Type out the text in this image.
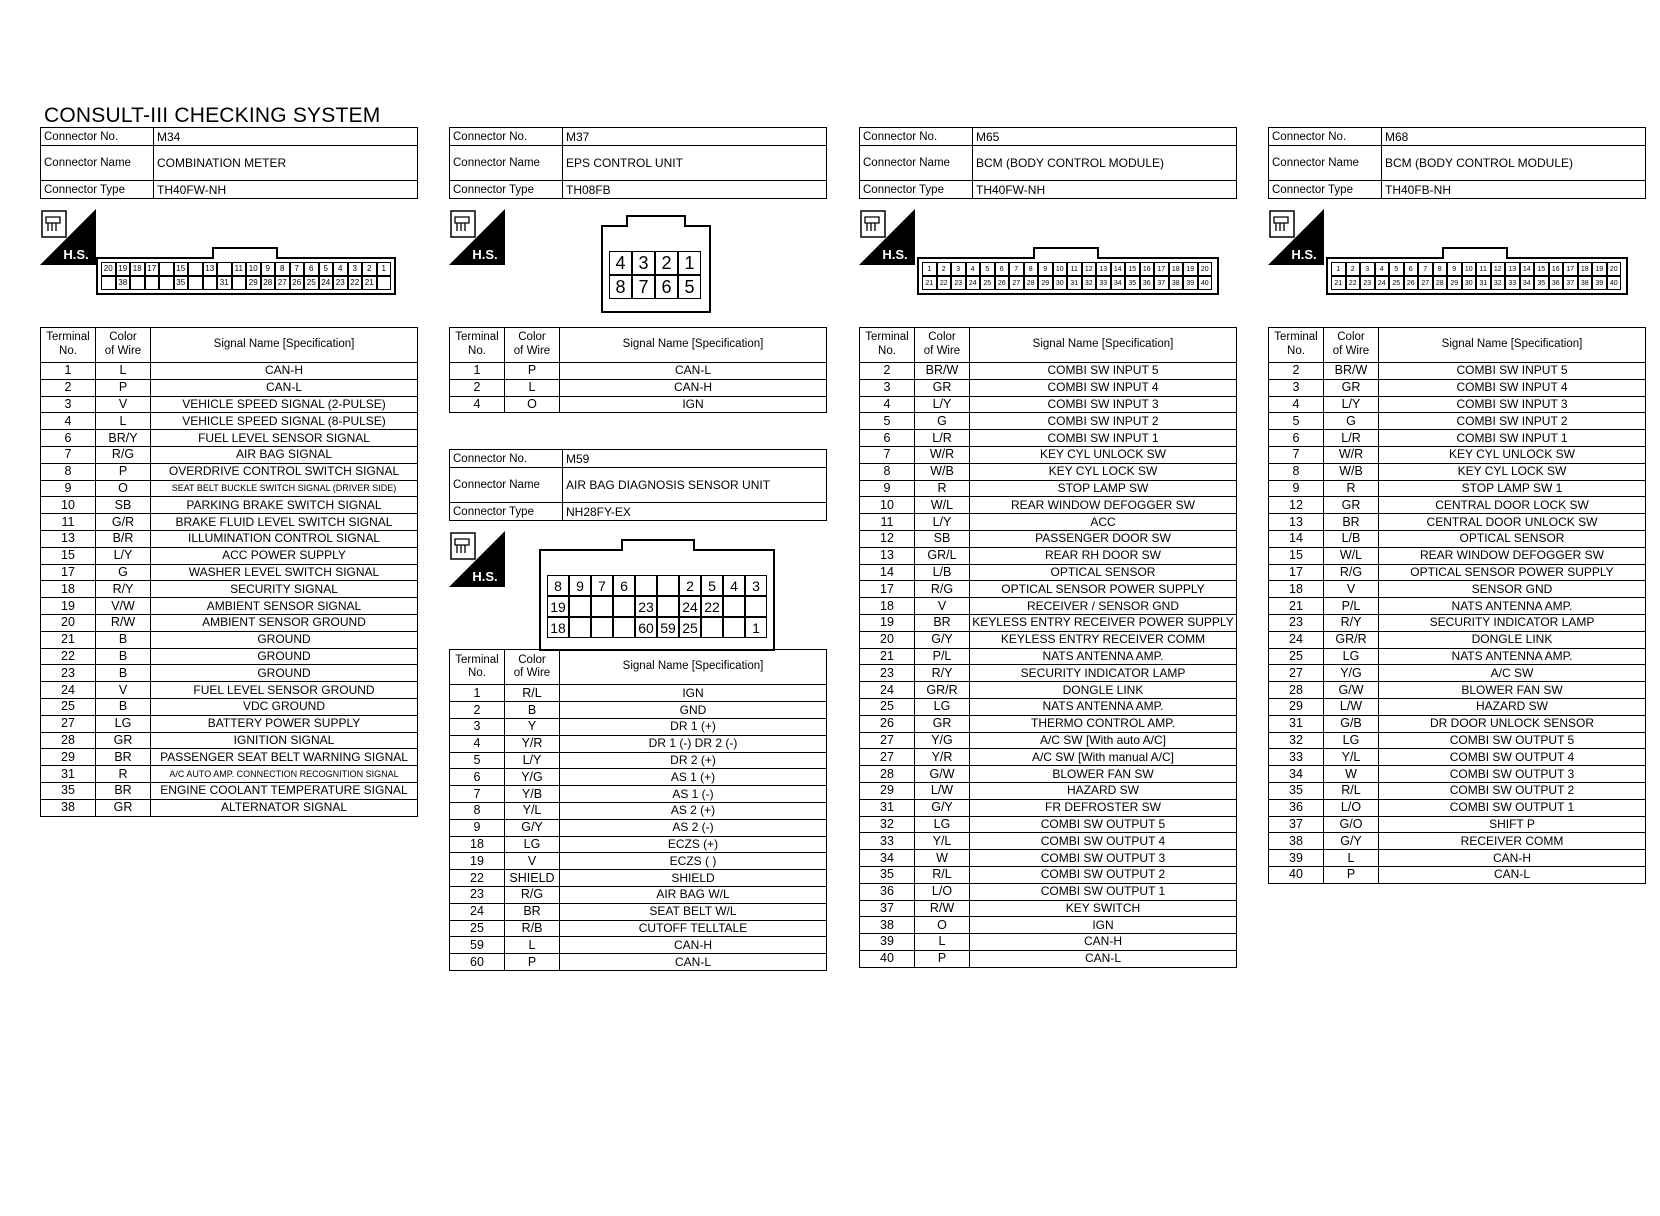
CONSULT-III CHECKING SYSTEM
Connector No.	M34
Connector Name	COMBINATION METER
Connector Type	TH40FW-NH
H.S.
20 19 18 17	15	13	11 10 9	8	7	6	5	4	3	2	1
38	35	31	29 28 27 26 25 24 23 22 21
Terminal
No.	Color
of Wire	Signal Name [Specification]
1	L	CAN-H
2	P	CAN-L
3	V	VEHICLE SPEED SIGNAL (2-PULSE)
4	L	VEHICLE SPEED SIGNAL (8-PULSE)
6	BR/Y	FUEL LEVEL SENSOR SIGNAL
7	R/G	AIR BAG SIGNAL
8	P	OVERDRIVE CONTROL SWITCH SIGNAL
9	O	SEAT BELT BUCKLE SWITCH SIGNAL (DRIVER SIDE)
10	SB	PARKING BRAKE SWITCH SIGNAL
11	G/R	BRAKE FLUID LEVEL SWITCH SIGNAL
13	B/R	ILLUMINATION CONTROL SIGNAL
15	L/Y	ACC POWER SUPPLY
17	G	WASHER LEVEL SWITCH SIGNAL
18	R/Y	SECURITY SIGNAL
19	V/W	AMBIENT SENSOR SIGNAL
20	R/W	AMBIENT SENSOR GROUND
21	B	GROUND
22	B	GROUND
23	B	GROUND
24	V	FUEL LEVEL SENSOR GROUND
25	B	VDC GROUND
27	LG	BATTERY POWER SUPPLY
28	GR	IGNITION SIGNAL
29	BR	PASSENGER SEAT BELT WARNING SIGNAL
31	R	A/C AUTO AMP. CONNECTION RECOGNITION SIGNAL
35	BR	ENGINE COOLANT TEMPERATURE SIGNAL
38	GR	ALTERNATOR SIGNAL
Connector No.	M37
Connector Name	EPS CONTROL UNIT
Connector Type	TH08FB
H.S.	4 3 2 1
8 7 6 5
Terminal
No.	Color
of Wire	Signal Name [Specification]
1	P	CAN-L
2	L	CAN-H
4	O	IGN
Connector No.	M59
Connector Name	AIR BAG DIAGNOSIS SENSOR UNIT
Connector Type	NH28FY-EX
H.S.
8	9	7	6	2	5	4	3
19	23 24 22
18	60 59 25	1
Terminal
No.	Color
of Wire	Signal Name [Specification]
1	R/L	IGN
2	B	GND
3	Y	DR 1 (+)
4	Y/R	DR 1 (-) DR 2 (-)
5	L/Y	DR 2 (+)
6	Y/G	AS 1 (+)
7	Y/B	AS 1 (-)
8	Y/L	AS 2 (+)
9	G/Y	AS 2 (-)
18	LG	ECZS (+)
19	V	ECZS ( )
22	SHIELD	SHIELD
23	R/G	AIR BAG W/L
24	BR	SEAT BELT W/L
25	R/B	CUTOFF TELLTALE
59	L	CAN-H
60	P	CAN-L
Connector No.	M65
Connector Name	BCM (BODY CONTROL MODULE)
Connector Type	TH40FW-NH
H.S.
1	2	3	4	5	6	7	8	9	10 11 12 13 14 15 16 17 18 19 20
21 22 23 24 25 26 27 28 29 30 31 32 33 34 35 36 37 38 39 40
Terminal
No.	Color
of Wire	Signal Name [Specification]
2	BR/W	COMBI SW INPUT 5
3	GR	COMBI SW INPUT 4
4	L/Y	COMBI SW INPUT 3
5	G	COMBI SW INPUT 2
6	L/R	COMBI SW INPUT 1
7	W/R	KEY CYL UNLOCK SW
8	W/B	KEY CYL LOCK SW
9	R	STOP LAMP SW
10	W/L	REAR WINDOW DEFOGGER SW
11	L/Y	ACC
12	SB	PASSENGER DOOR SW
13	GR/L	REAR RH DOOR SW
14	L/B	OPTICAL SENSOR
17	R/G	OPTICAL SENSOR POWER SUPPLY
18	V	RECEIVER / SENSOR GND
19	BR	KEYLESS ENTRY RECEIVER POWER SUPPLY
20	G/Y	KEYLESS ENTRY RECEIVER COMM
21	P/L	NATS ANTENNA AMP.
23	R/Y	SECURITY INDICATOR LAMP
24	GR/R	DONGLE LINK
25	LG	NATS ANTENNA AMP.
26	GR	THERMO CONTROL AMP.
27	Y/G	A/C SW [With auto A/C]
27	Y/R	A/C SW [With manual A/C]
28	G/W	BLOWER FAN SW
29	L/W	HAZARD SW
31	G/Y	FR DEFROSTER SW
32	LG	COMBI SW OUTPUT 5
33	Y/L	COMBI SW OUTPUT 4
34	W	COMBI SW OUTPUT 3
35	R/L	COMBI SW OUTPUT 2
36	L/O	COMBI SW OUTPUT 1
37	R/W	KEY SWITCH
38	O	IGN
39	L	CAN-H
40	P	CAN-L
Connector No.	M68
Connector Name	BCM (BODY CONTROL MODULE)
Connector Type	TH40FB-NH
H.S.
1	2	3	4	5	6	7	8	9	10 11 12 13 14 15 16 17 18 19 20
21 22 23 24 25 26 27 28 29 30 31 32 33 34 35 36 37 38 39 40
Terminal
No.	Color
of Wire	Signal Name [Specification]
2	BR/W	COMBI SW INPUT 5
3	GR	COMBI SW INPUT 4
4	L/Y	COMBI SW INPUT 3
5	G	COMBI SW INPUT 2
6	L/R	COMBI SW INPUT 1
7	W/R	KEY CYL UNLOCK SW
8	W/B	KEY CYL LOCK SW
9	R	STOP LAMP SW 1
12	GR	CENTRAL DOOR LOCK SW
13	BR	CENTRAL DOOR UNLOCK SW
14	L/B	OPTICAL SENSOR
15	W/L	REAR WINDOW DEFOGGER SW
17	R/G	OPTICAL SENSOR POWER SUPPLY
18	V	SENSOR GND
21	P/L	NATS ANTENNA AMP.
23	R/Y	SECURITY INDICATOR LAMP
24	GR/R	DONGLE LINK
25	LG	NATS ANTENNA AMP.
27	Y/G	A/C SW
28	G/W	BLOWER FAN SW
29	L/W	HAZARD SW
31	G/B	DR DOOR UNLOCK SENSOR
32	LG	COMBI SW OUTPUT 5
33	Y/L	COMBI SW OUTPUT 4
34	W	COMBI SW OUTPUT 3
35	R/L	COMBI SW OUTPUT 2
36	L/O	COMBI SW OUTPUT 1
37	G/O	SHIFT P
38	G/Y	RECEIVER COMM
39	L	CAN-H
40	P	CAN-L
